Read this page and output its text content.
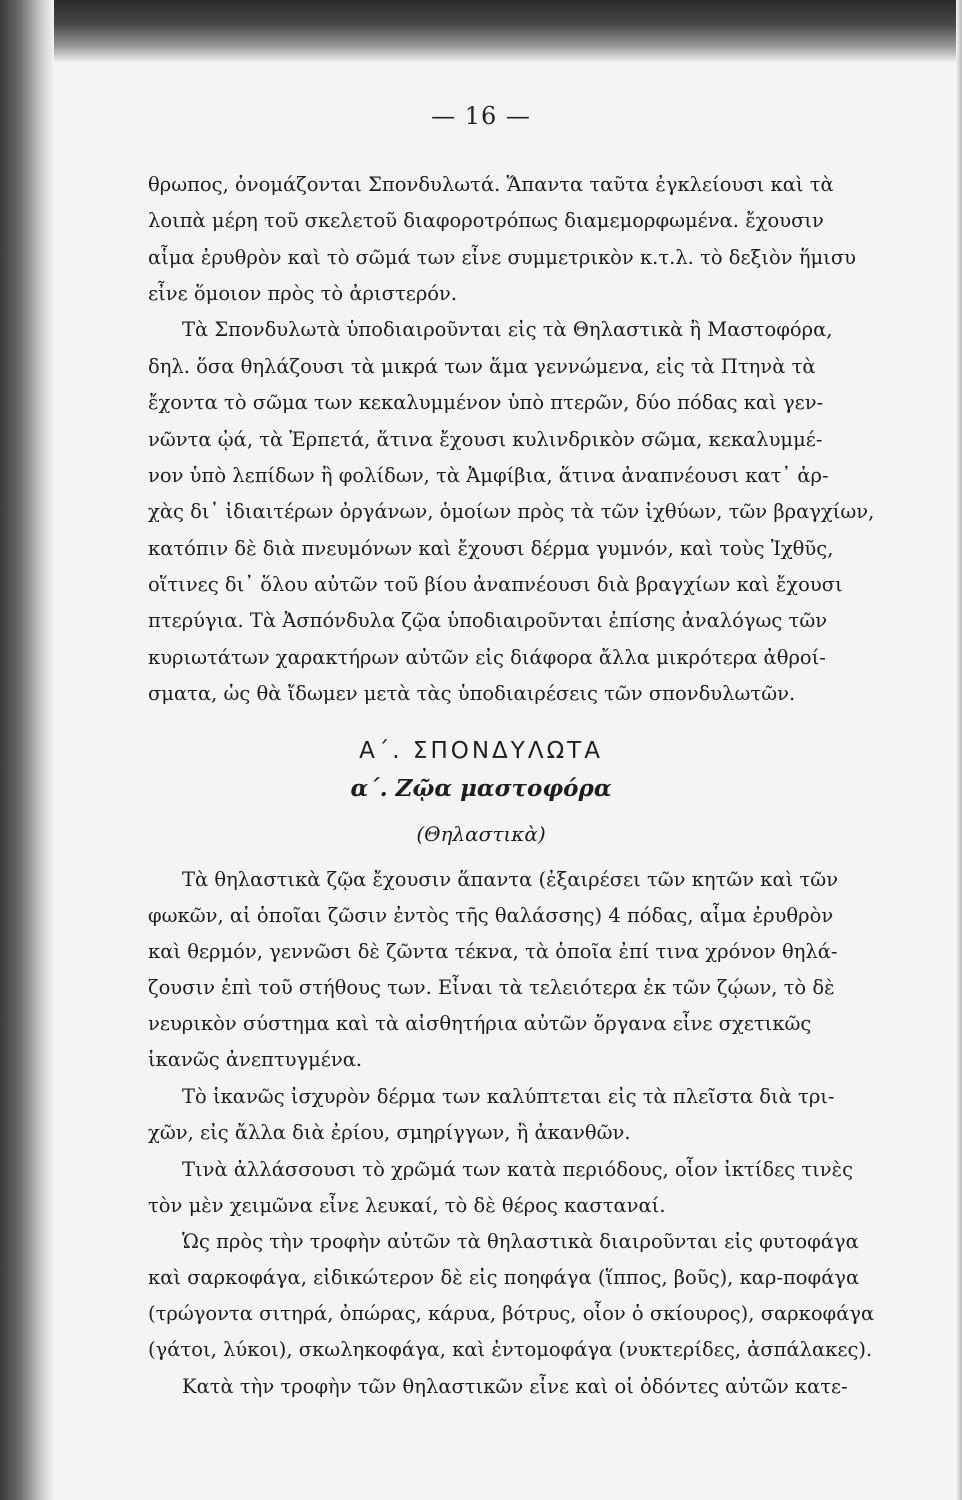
— 16 —
θρωπος, ὀνομάζονται Σπονδυλωτά. Ἅπαντα ταῦτα ἐγκλείουσι καὶ τὰ
λοιπὰ μέρη τοῦ σκελετοῦ διαφοροτρόπως διαμεμορφωμένα. ἔχουσιν
αἷμα ἐρυθρὸν καὶ τὸ σῶμά των εἶνε συμμετρικὸν κ.τ.λ. τὸ δεξιὸν ἥμισυ
εἶνε ὅμοιον πρὸς τὸ ἀριστερόν.
Τὰ Σπονδυλωτὰ ὑποδιαιροῦνται εἰς τὰ Θηλαστικὰ ἢ Μαστοφόρα,
δηλ. ὅσα θηλάζουσι τὰ μικρά των ἅμα γεννώμενα, εἰς τὰ Πτηνὰ τὰ
ἔχοντα τὸ σῶμα των κεκαλυμμένον ὑπὸ πτερῶν, δύο πόδας καὶ γεν-
νῶντα ᾠά, τὰ Ἑρπετά, ἅτινα ἔχουσι κυλινδρικὸν σῶμα, κεκαλυμμέ-
νον ὑπὸ λεπίδων ἢ φολίδων, τὰ Ἀμφίβια, ἅτινα ἀναπνέουσι κατ᾽ ἀρ-
χὰς δι᾽ ἰδιαιτέρων ὀργάνων, ὁμοίων πρὸς τὰ τῶν ἰχθύων, τῶν βραγχίων,
κατόπιν δὲ διὰ πνευμόνων καὶ ἔχουσι δέρμα γυμνόν, καὶ τοὺς Ἰχθῦς,
οἵτινες δι᾽ ὅλου αὐτῶν τοῦ βίου ἀναπνέουσι διὰ βραγχίων καὶ ἔχουσι
πτερύγια. Τὰ Ἀσπόνδυλα ζῷα ὑποδιαιροῦνται ἐπίσης ἀναλόγως τῶν
κυριωτάτων χαρακτήρων αὐτῶν εἰς διάφορα ἄλλα μικρότερα ἀθροί-
σματα, ὡς θὰ ἴδωμεν μετὰ τὰς ὑποδιαιρέσεις τῶν σπονδυλωτῶν.
Α΄. ΣΠΟΝΔΥΛΩΤΑ
α΄. Ζῷα μαστοφόρα
(Θηλαστικὰ)
Τὰ θηλαστικὰ ζῷα ἔχουσιν ἅπαντα (ἐξαιρέσει τῶν κητῶν καὶ τῶν
φωκῶν, αἱ ὁποῖαι ζῶσιν ἐντὸς τῆς θαλάσσης) 4 πόδας, αἷμα ἐρυθρὸν
καὶ θερμόν, γεννῶσι δὲ ζῶντα τέκνα, τὰ ὁποῖα ἐπί τινα χρόνον θηλά-
ζουσιν ἐπὶ τοῦ στήθους των. Εἶναι τὰ τελειότερα ἐκ τῶν ζῴων, τὸ δὲ
νευρικὸν σύστημα καὶ τὰ αἰσθητήρια αὐτῶν ὄργανα εἶνε σχετικῶς
ἱκανῶς ἀνεπτυγμένα.
Τὸ ἱκανῶς ἰσχυρὸν δέρμα των καλύπτεται εἰς τὰ πλεῖστα διὰ τρι-
χῶν, εἰς ἄλλα διὰ ἐρίου, σμηρίγγων, ἢ ἀκανθῶν.
Τινὰ ἀλλάσσουσι τὸ χρῶμά των κατὰ περιόδους, οἷον ἰκτίδες τινὲς
τὸν μὲν χειμῶνα εἶνε λευκαί, τὸ δὲ θέρος κασταναί.
Ὡς πρὸς τὴν τροφὴν αὐτῶν τὰ θηλαστικὰ διαιροῦνται εἰς φυτοφάγα
καὶ σαρκοφάγα, εἰδικώτερον δὲ εἰς ποηφάγα (ἵππος, βοῦς), καρ-ποφάγα
(τρώγοντα σιτηρά, ὀπώρας, κάρυα, βότρυς, οἷον ὁ σκίουρος), σαρκοφάγα
(γάτοι, λύκοι), σκωληκοφάγα, καὶ ἐντομοφάγα (νυκτερίδες, ἀσπάλακες).
Κατὰ τὴν τροφὴν τῶν θηλαστικῶν εἶνε καὶ οἱ ὀδόντες αὐτῶν κατε-
